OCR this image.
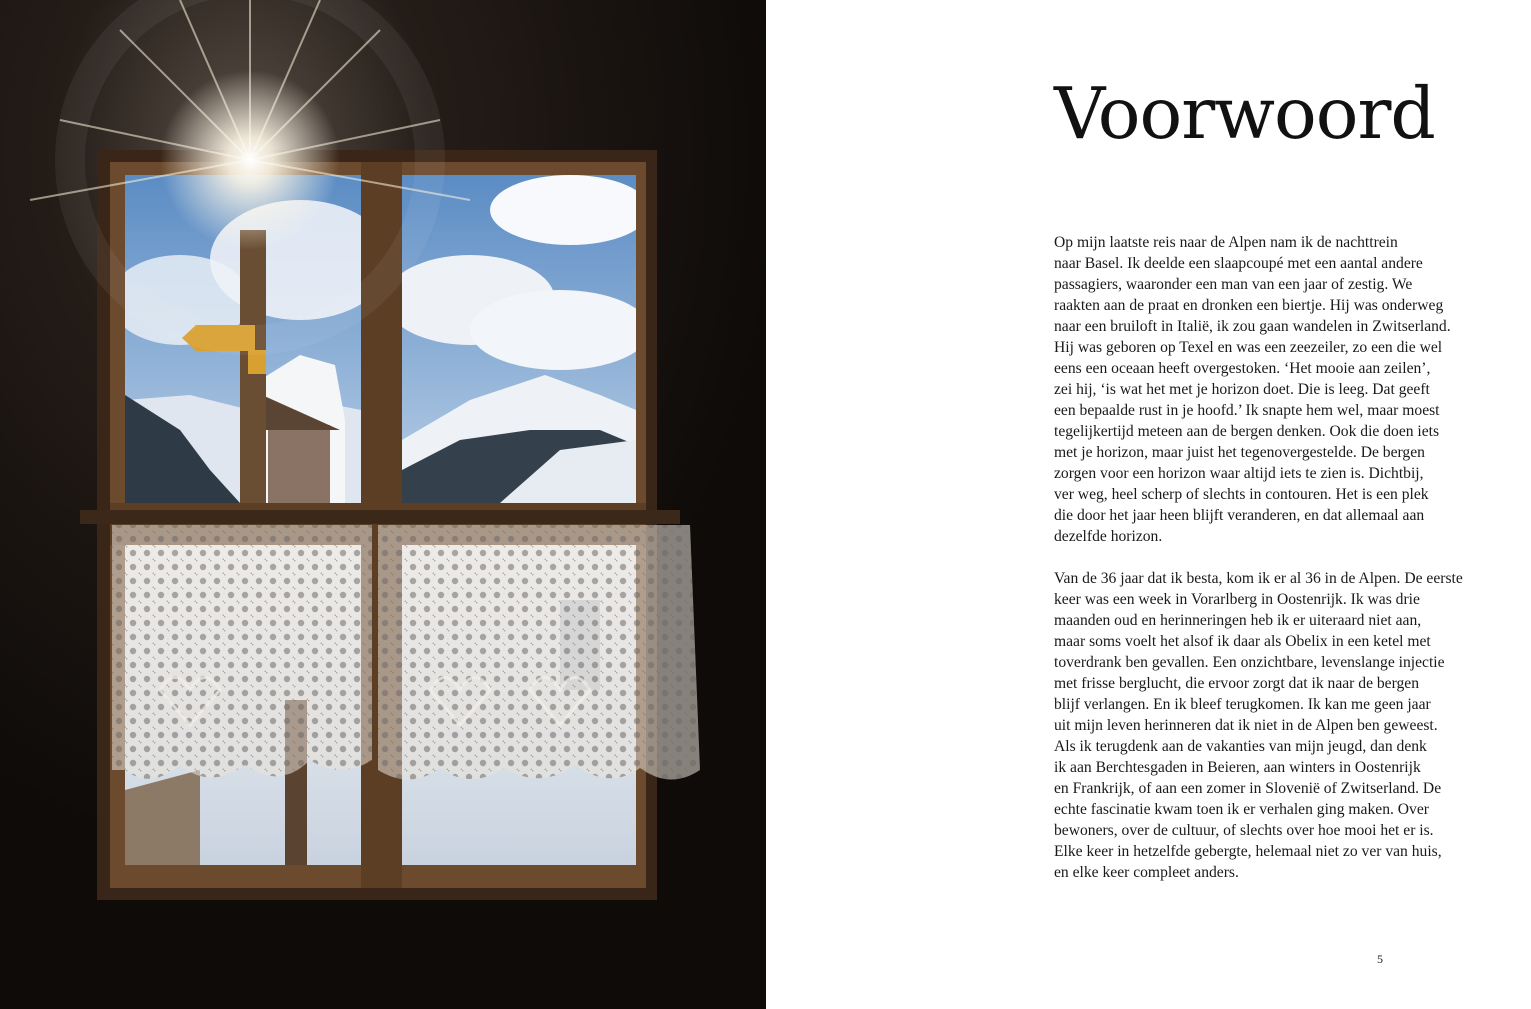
Voorwoord

Op mijn laatste reis naar de Alpen nam ik de nachttrein
naar Basel. Ik deelde een slaapcoupé met een aantal andere
passagiers, waaronder een man van een jaar of zestig. We
raakten aan de praat en dronken een biertje. Hij was onderweg
naar een bruiloft in Italië, ik zou gaan wandelen in Zwitserland.
Hij was geboren op Texel en was een zeezeiler, zo een die wel
eens een oceaan heeft overgestoken. ‘Het mooie aan zeilen’,
zei hij, ‘is wat het met je horizon doet. Die is leeg. Dat geeft
een bepaalde rust in je hoofd.’ Ik snapte hem wel, maar moest
tegelijkertijd meteen aan de bergen denken. Ook die doen iets
met je horizon, maar juist het tegenovergestelde. De bergen
zorgen voor een horizon waar altijd iets te zien is. Dichtbij,
ver weg, heel scherp of slechts in contouren. Het is een plek
die door het jaar heen blijft veranderen, en dat allemaal aan
dezelfde horizon.

Van de 36 jaar dat ik besta, kom ik er al 36 in de Alpen. De eerste
keer was een week in Vorarlberg in Oostenrijk. Ik was drie
maanden oud en herinneringen heb ik er uiteraard niet aan,
maar soms voelt het alsof ik daar als Obelix in een ketel met
toverdrank ben gevallen. Een onzichtbare, levenslange injectie
met frisse berglucht, die ervoor zorgt dat ik naar de bergen
blijf verlangen. En ik bleef terugkomen. Ik kan me geen jaar
uit mijn leven herinneren dat ik niet in de Alpen ben geweest.
Als ik terugdenk aan de vakanties van mijn jeugd, dan denk
ik aan Berchtesgaden in Beieren, aan winters in Oostenrijk
en Frankrijk, of aan een zomer in Slovenië of Zwitserland. De
echte fascinatie kwam toen ik er verhalen ging maken. Over
bewoners, over de cultuur, of slechts over hoe mooi het er is.
Elke keer in hetzelfde gebergte, helemaal niet zo ver van huis,
en elke keer compleet anders.

5
